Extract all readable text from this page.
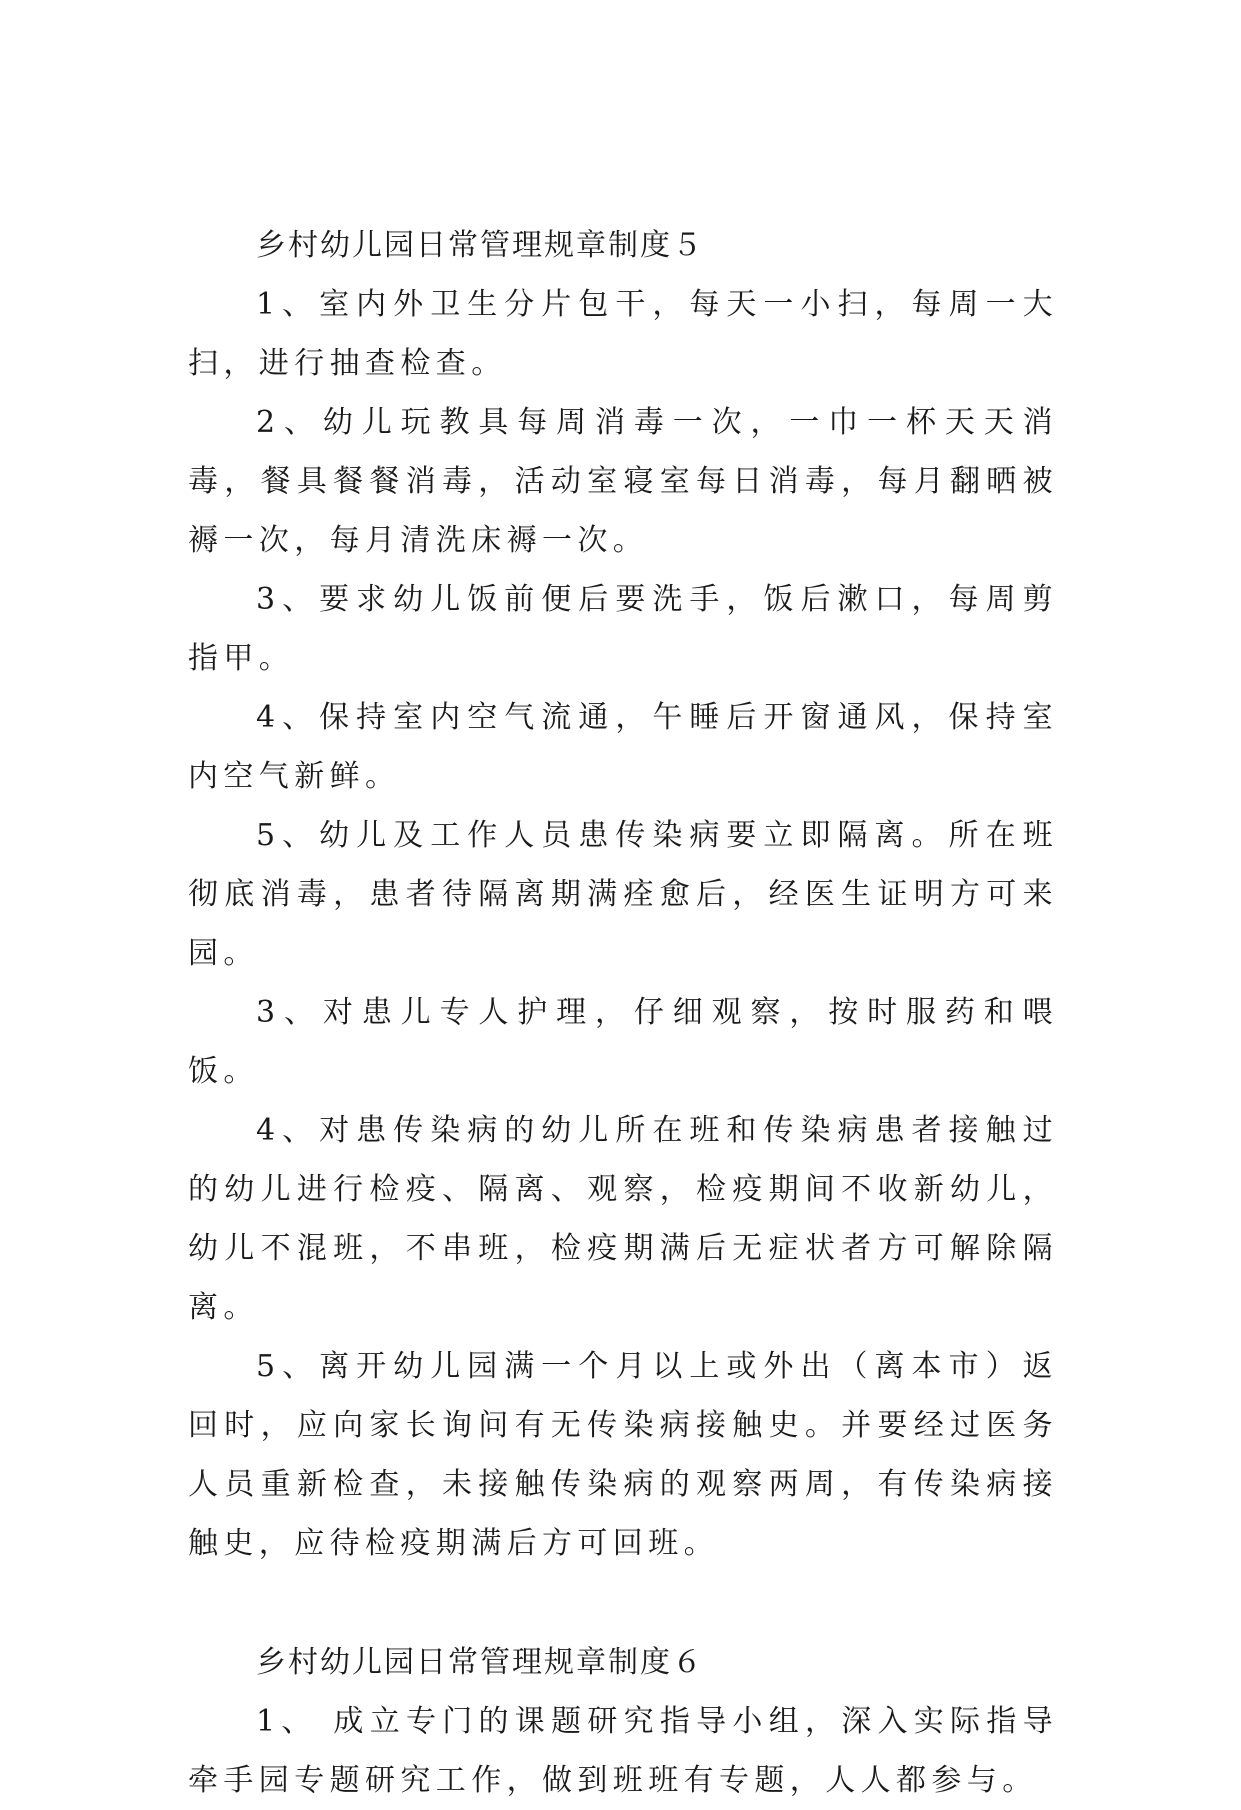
乡村幼儿园日常管理规章制度５

1、室内外卫生分片包干，每天一小扫，每周一大扫，进行抽查检查。

2、幼儿玩教具每周消毒一次，一巾一杯天天消毒，餐具餐餐消毒，活动室寝室每日消毒，每月翻晒被褥一次，每月清洗床褥一次。

3、要求幼儿饭前便后要洗手，饭后漱口，每周剪指甲。

4、保持室内空气流通，午睡后开窗通风，保持室内空气新鲜。

5、幼儿及工作人员患传染病要立即隔离。所在班彻底消毒，患者待隔离期满痊愈后，经医生证明方可来园。

3、对患儿专人护理，仔细观察，按时服药和喂饭。

4、对患传染病的幼儿所在班和传染病患者接触过的幼儿进行检疫、隔离、观察，检疫期间不收新幼儿，幼儿不混班，不串班，检疫期满后无症状者方可解除隔离。

5、离开幼儿园满一个月以上或外出（离本市）返回时，应向家长询问有无传染病接触史。并要经过医务人员重新检查，未接触传染病的观察两周，有传染病接触史，应待检疫期满后方可回班。

乡村幼儿园日常管理规章制度６

1、 成立专门的课题研究指导小组，深入实际指导牵手园专题研究工作，做到班班有专题，人人都参与。
